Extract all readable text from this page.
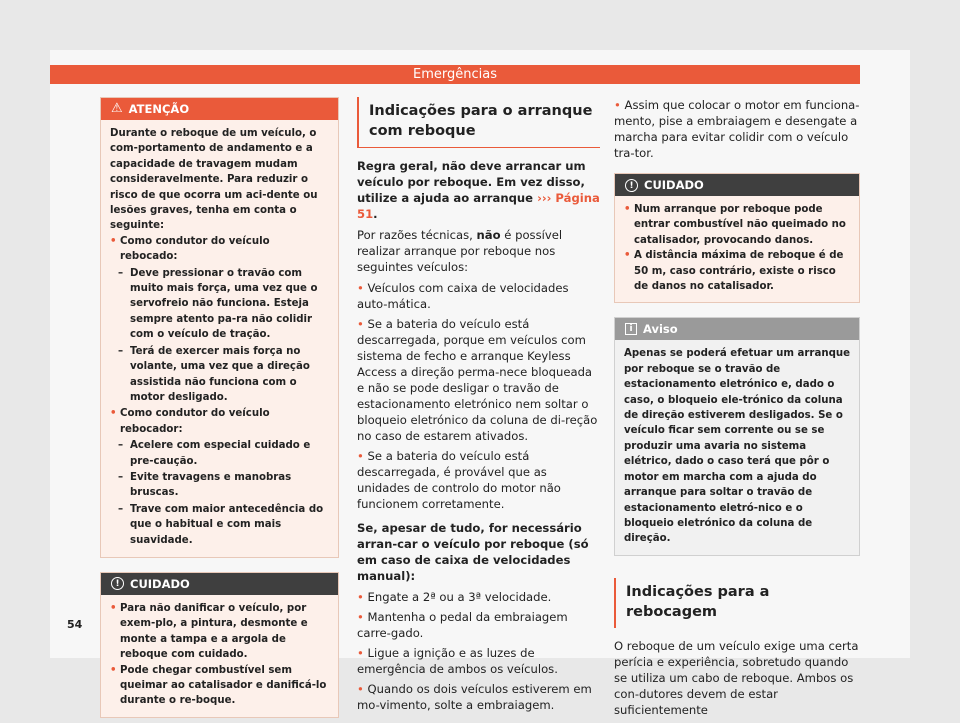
Emergências
⚠ ATENÇÃO
Durante o reboque de um veículo, o com-portamento de andamento e a capacidade de travagem mudam consideravelmente. Para reduzir o risco de que ocorra um aci-dente ou lesões graves, tenha em conta o seguinte:
• Como condutor do veículo rebocado:
– Deve pressionar o travão com muito mais força, uma vez que o servofreio não funciona. Esteja sempre atento pa-ra não colidir com o veículo de tração.
– Terá de exercer mais força no volante, uma vez que a direção assistida não funciona com o motor desligado.
• Como condutor do veículo rebocador:
– Acelere com especial cuidado e pre-caução.
– Evite travagens e manobras bruscas.
– Trave com maior antecedência do que o habitual e com mais suavidade.
! CUIDADO
• Para não danificar o veículo, por exem-plo, a pintura, desmonte e monte a tampa e a argola de reboque com cuidado.
• Pode chegar combustível sem queimar ao catalisador e danificá-lo durante o re-boque.
Indicações para o arranque com reboque

Regra geral, não deve arrancar um veículo por reboque. Em vez disso, utilize a ajuda ao arranque ››› Página 51.

Por razões técnicas, não é possível realizar arranque por reboque nos seguintes veículos:

• Veículos com caixa de velocidades auto-mática.
• Se a bateria do veículo está descarregada, porque em veículos com sistema de fecho e arranque Keyless Access a direção perma-nece bloqueada e não se pode desligar o travão de estacionamento eletrónico nem soltar o bloqueio eletrónico da coluna de di-reção no caso de estarem ativados.
• Se a bateria do veículo está descarregada, é provável que as unidades de controlo do motor não funcionem corretamente.

Se, apesar de tudo, for necessário arran-car o veículo por reboque (só em caso de caixa de velocidades manual):

• Engate a 2ª ou a 3ª velocidade.
• Mantenha o pedal da embraiagem carre-gado.
• Ligue a ignição e as luzes de emergência de ambos os veículos.
• Quando os dois veículos estiverem em mo-vimento, solte a embraiagem.
• Assim que colocar o motor em funciona-mento, pise a embraiagem e desengate a marcha para evitar colidir com o veículo tra-tor.
! CUIDADO
• Num arranque por reboque pode entrar combustível não queimado no catalisador, provocando danos.
• A distância máxima de reboque é de 50 m, caso contrário, existe o risco de danos no catalisador.
i Aviso
Apenas se poderá efetuar um arranque por reboque se o travão de estacionamento eletrónico e, dado o caso, o bloqueio ele-trónico da coluna de direção estiverem desligados. Se o veículo ficar sem corrente ou se se produzir uma avaria no sistema elétrico, dado o caso terá que pôr o motor em marcha com a ajuda do arranque para soltar o travão de estacionamento eletró-nico e o bloqueio eletrónico da coluna de direção.
Indicações para a rebocagem

O reboque de um veículo exige uma certa perícia e experiência, sobretudo quando se utiliza um cabo de reboque. Ambos os con-dutores devem de estar suficientemente

54
